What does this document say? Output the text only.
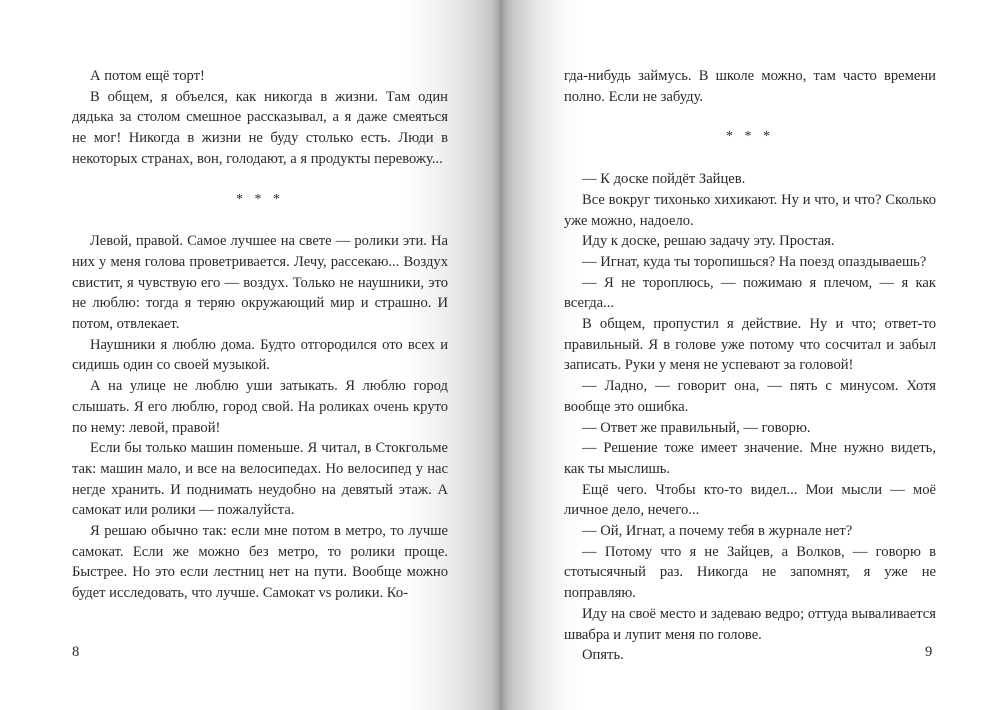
А потом ещё торт!

В общем, я объелся, как никогда в жизни. Там один дядька за столом смешное рассказывал, а я даже смеяться не мог! Никогда в жизни не буду столько есть. Люди в некоторых странах, вон, голодают, а я продукты перевожу...

* * *

Левой, правой. Самое лучшее на свете — ролики эти. На них у меня голова проветривается. Лечу, рассекаю... Воздух свистит, я чувствую его — воздух. Только не наушники, это не люблю: тогда я теряю окружающий мир и страшно. И потом, отвлекает.

Наушники я люблю дома. Будто отгородился ото всех и сидишь один со своей музыкой.

А на улице не люблю уши затыкать. Я люблю город слышать. Я его люблю, город свой. На роликах очень круто по нему: левой, правой!

Если бы только машин поменьше. Я читал, в Стокгольме так: машин мало, и все на велосипедах. Но велосипед у нас негде хранить. И поднимать неудобно на девятый этаж. А самокат или ролики — пожалуйста.

Я решаю обычно так: если мне потом в метро, то лучше самокат. Если же можно без метро, то ролики проще. Быстрее. Но это если лестниц нет на пути. Вообще можно будет исследовать, что лучше. Самокат vs ролики. Ко-

8

гда-нибудь займусь. В школе можно, там часто времени полно. Если не забуду.

* * *

— К доске пойдёт Зайцев.

Все вокруг тихонько хихикают. Ну и что, и что? Сколько уже можно, надоело.

Иду к доске, решаю задачу эту. Простая.

— Игнат, куда ты торопишься? На поезд опаздываешь?

— Я не тороплюсь, — пожимаю я плечом, — я как всегда...

В общем, пропустил я действие. Ну и что; ответ-то правильный. Я в голове уже потому что сосчитал и забыл записать. Руки у меня не успевают за головой!

— Ладно, — говорит она, — пять с минусом. Хотя вообще это ошибка.

— Ответ же правильный, — говорю.

— Решение тоже имеет значение. Мне нужно видеть, как ты мыслишь.

Ещё чего. Чтобы кто-то видел... Мои мысли — моё личное дело, нечего...

— Ой, Игнат, а почему тебя в журнале нет?

— Потому что я не Зайцев, а Волков, — говорю в стотысячный раз. Никогда не запомнят, я уже не поправляю.

Иду на своё место и задеваю ведро; оттуда вываливается швабра и лупит меня по голове.

Опять.	9
